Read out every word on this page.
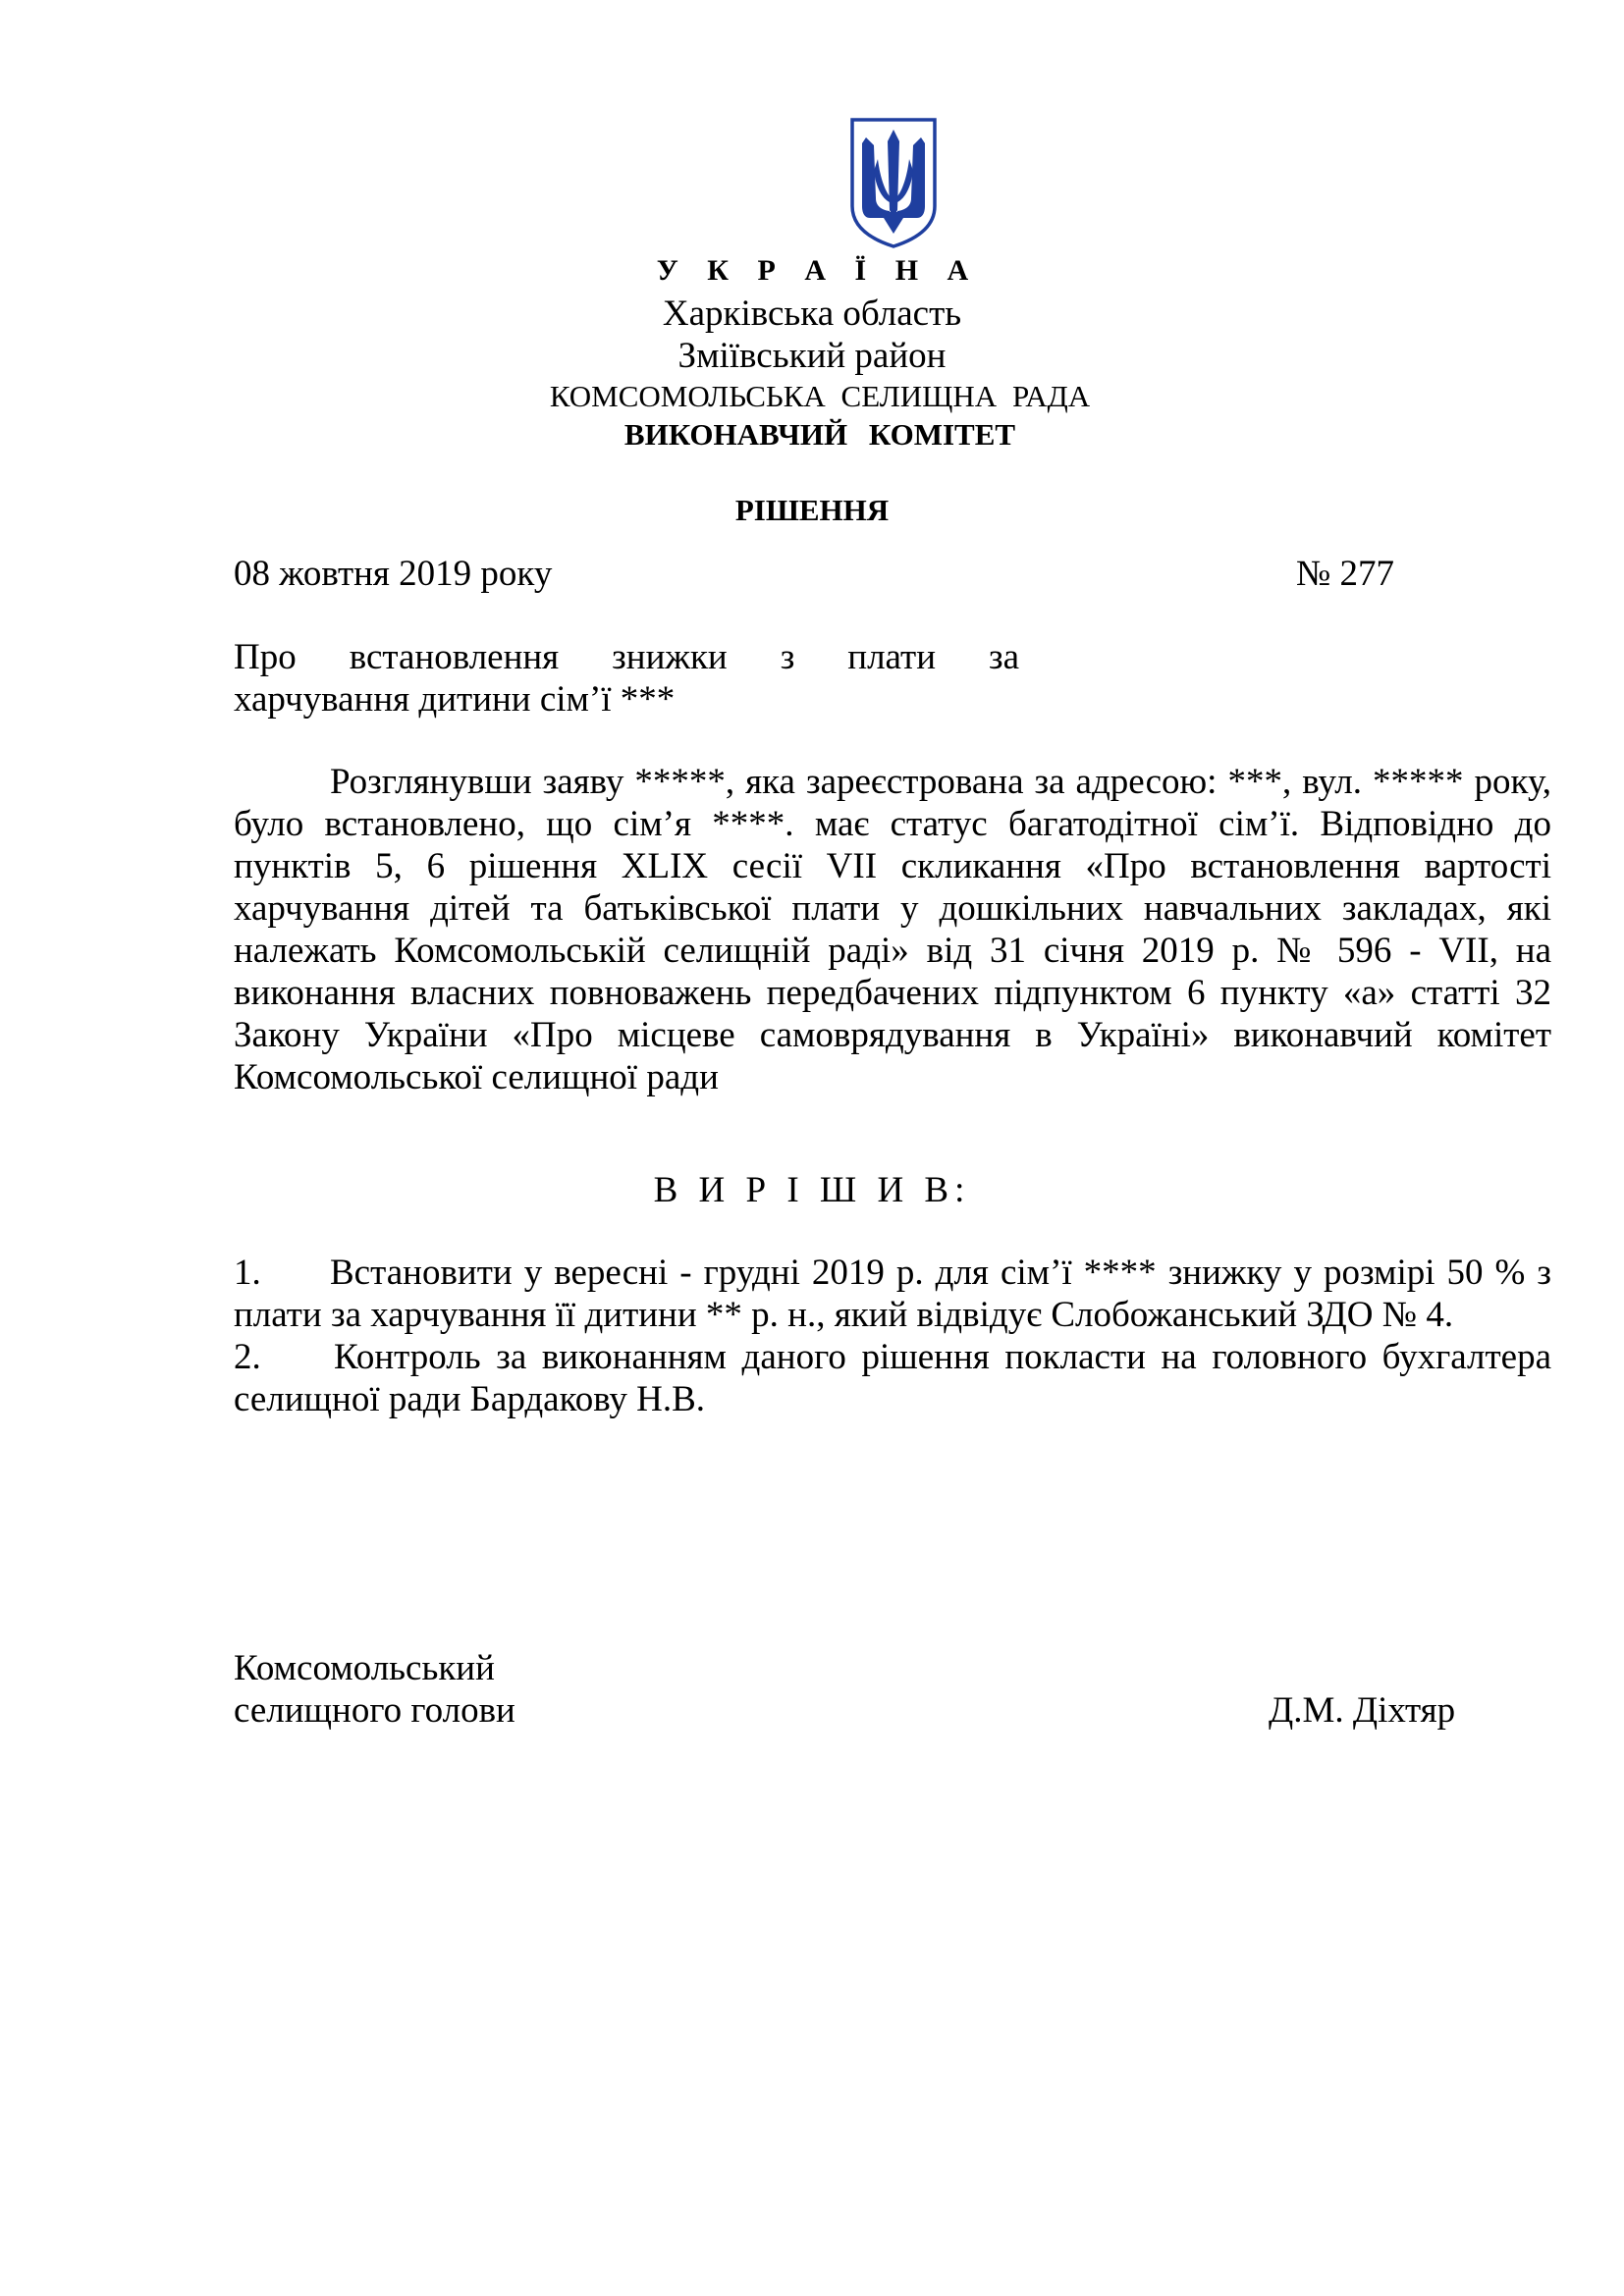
У К Р А Ї Н А

Харківська область

Зміївський район

КОМСОМОЛЬСЬКА СЕЛИЩНА РАДА

ВИКОНАВЧИЙ КОМІТЕТ

РІШЕННЯ

08 жовтня 2019 року	№ 277

Про встановлення знижки з плати за
харчування дитини сім’ї ***

Розглянувши заяву *****, яка зареєстрована за адресою: ***, вул. ***** року, було встановлено, що сім’я ****. має статус багатодітної сім’ї. Відповідно до пунктів 5, 6 рішення XLIX сесії VII скликання «Про встановлення вартості харчування дітей та батьківської плати у дошкільних навчальних закладах, які належать Комсомольській селищній раді» від 31 січня 2019 р. № 596 - VII, на виконання власних повноважень передбачених підпунктом 6 пункту «а» статті 32 Закону України «Про місцеве самоврядування в Україні» виконавчий комітет Комсомольської селищної ради

В И Р І Ш И В:

1. Встановити у вересні - грудні 2019 р. для сім’ї **** знижку у розмірі 50 % з плати за харчування її дитини ** р. н., який відвідує Слобожанський ЗДО № 4.
2. Контроль за виконанням даного рішення покласти на головного бухгалтера селищної ради Бардакову Н.В.

Комсомольський
селищного голови	Д.М. Діхтяр
